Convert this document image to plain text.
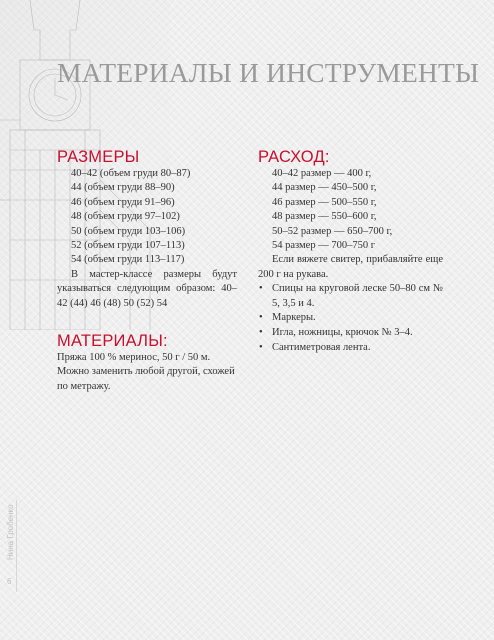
МАТЕРИАЛЫ И ИНСТРУМЕНТЫ
РАЗМЕРЫ
40–42 (объем груди 80–87)
44 (объем груди 88–90)
46 (объем груди 91–96)
48 (объем груди 97–102)
50 (объем груди 103–106)
52 (объем груди 107–113)
54 (объем груди 113–117)

В мастер-классе размеры будут указываться следующим образом: 40–42 (44) 46 (48) 50 (52) 54

МАТЕРИАЛЫ:

Пряжа 100 % меринос, 50 г / 50 м. Можно заменить любой другой, схожей по метражу.

РАСХОД:
40–42 размер — 400 г,
44 размер — 450–500 г,
46 размер — 500–550 г,
48 размер — 550–600 г,
50–52 размер — 650–700 г,
54 размер — 700–750 г

Если вяжете свитер, прибавляйте еще 200 г на рукава.

• Спицы на круговой леске 50–80 см № 5, 3,5 и 4.
• Маркеры.
• Игла, ножницы, крючок № 3–4.
• Сантиметровая лента.
Нина Гробенко
6
